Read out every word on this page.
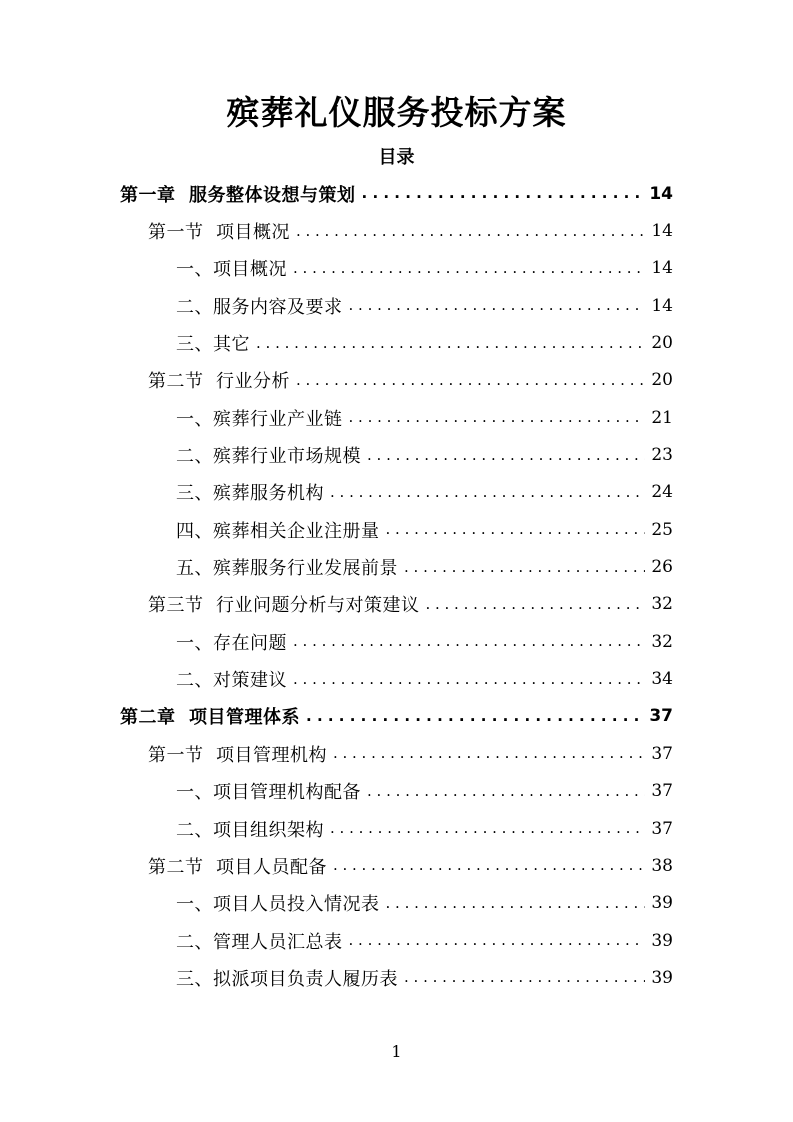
殡葬礼仪服务投标方案
目录
第一章  服务整体设想与策划 . . .	14
第一节  项目概况 . . .	14
一、项目概况 . . .	14
二、服务内容及要求 . . .	14
三、其它 . . .	20
第二节  行业分析 . . .	20
一、殡葬行业产业链 . . .	21
二、殡葬行业市场规模 . . .	23
三、殡葬服务机构 . . .	24
四、殡葬相关企业注册量 . . .	25
五、殡葬服务行业发展前景 . . .	26
第三节  行业问题分析与对策建议 . . .	32
一、存在问题 . . .	32
二、对策建议 . . .	34
第二章  项目管理体系 . . .	37
第一节  项目管理机构 . . .	37
一、项目管理机构配备 . . .	37
二、项目组织架构 . . .	37
第二节  项目人员配备 . . .	38
一、项目人员投入情况表 . . .	39
二、管理人员汇总表 . . .	39
三、拟派项目负责人履历表 . . .	39
1
